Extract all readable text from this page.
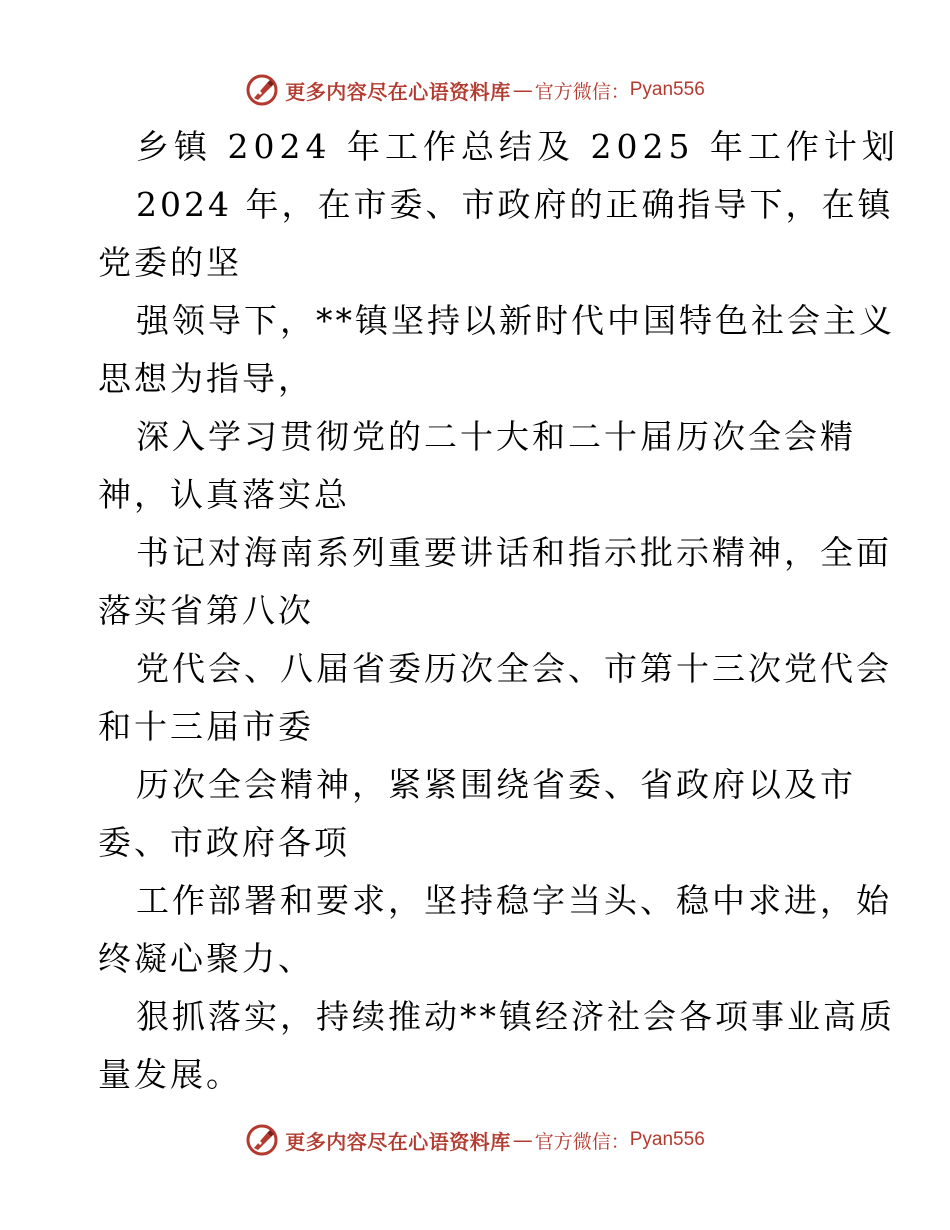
更多内容尽在心语资料库 — 官方微信： Pyan556
乡镇 2024 年工作总结及 2025 年工作计划
2024 年，在市委、市政府的正确指导下，在镇
党委的坚
强领导下，**镇坚持以新时代中国特色社会主义
思想为指导，
深入学习贯彻党的二十大和二十届历次全会精
神，认真落实总
书记对海南系列重要讲话和指示批示精神，全面
落实省第八次
党代会、八届省委历次全会、市第十三次党代会
和十三届市委
历次全会精神，紧紧围绕省委、省政府以及市
委、市政府各项
工作部署和要求，坚持稳字当头、稳中求进，始
终凝心聚力、
狠抓落实，持续推动**镇经济社会各项事业高质
量发展。
更多内容尽在心语资料库 — 官方微信： Pyan556
